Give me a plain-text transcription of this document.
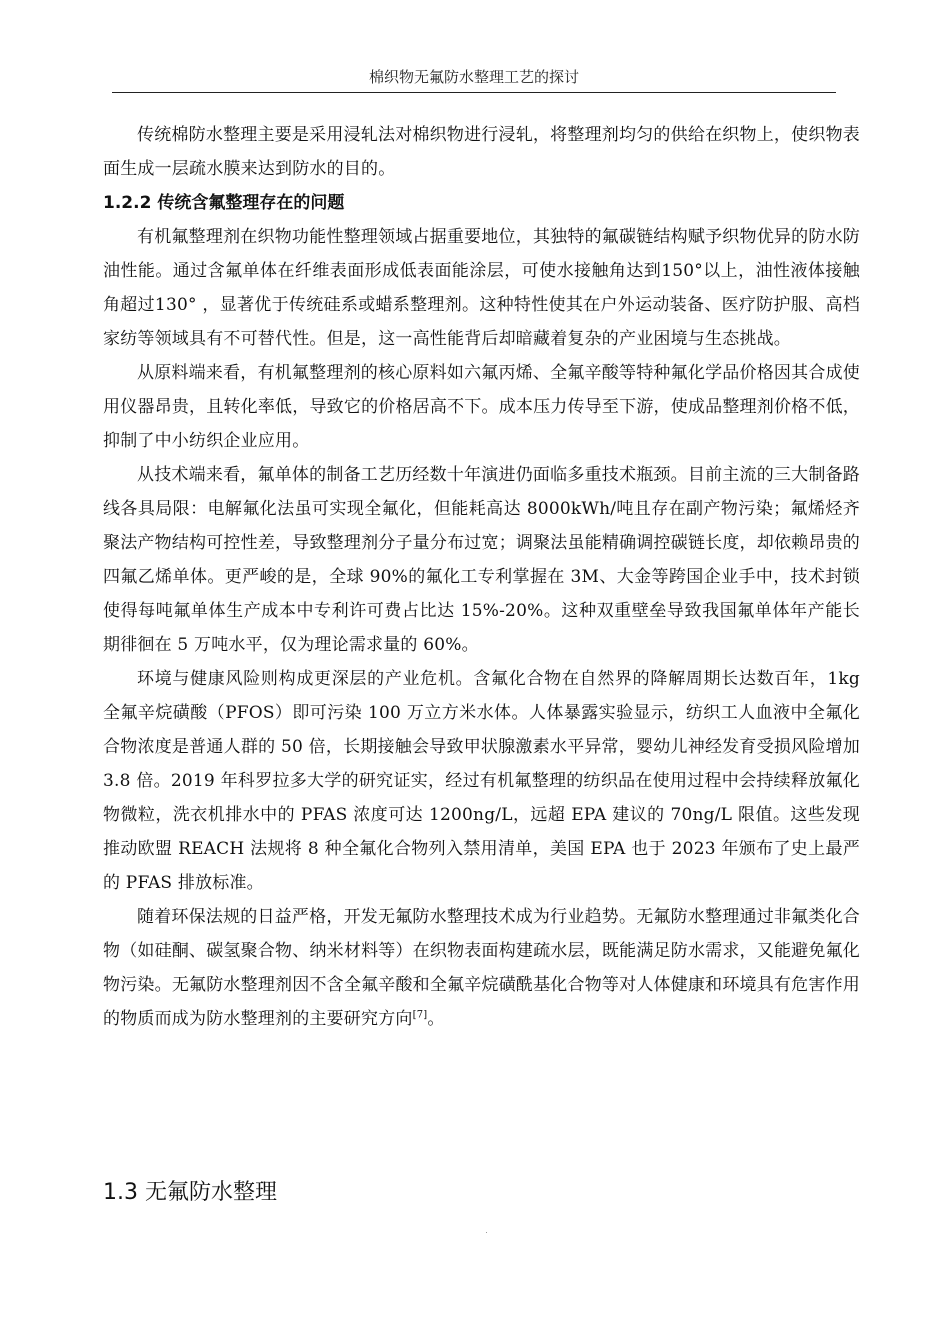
棉织物无氟防水整理工艺的探讨

传统棉防水整理主要是采用浸轧法对棉织物进行浸轧，将整理剂均匀的供给在织物上，使织物表面生成一层疏水膜来达到防水的目的。

1.2.2 传统含氟整理存在的问题

有机氟整理剂在织物功能性整理领域占据重要地位，其独特的氟碳链结构赋予织物优异的防水防油性能。通过含氟单体在纤维表面形成低表面能涂层，可使水接触角达到150°以上，油性液体接触角超过130° ，显著优于传统硅系或蜡系整理剂。这种特性使其在户外运动装备、医疗防护服、高档家纺等领域具有不可替代性。但是，这一高性能背后却暗藏着复杂的产业困境与生态挑战。

从原料端来看，有机氟整理剂的核心原料如六氟丙烯、全氟辛酸等特种氟化学品价格因其合成使用仪器昂贵，且转化率低，导致它的价格居高不下。成本压力传导至下游，使成品整理剂价格不低，抑制了中小纺织企业应用。

从技术端来看，氟单体的制备工艺历经数十年演进仍面临多重技术瓶颈。目前主流的三大制备路线各具局限：电解氟化法虽可实现全氟化，但能耗高达 8000kWh/吨且存在副产物污染；氟烯烃齐聚法产物结构可控性差，导致整理剂分子量分布过宽；调聚法虽能精确调控碳链长度，却依赖昂贵的四氟乙烯单体。更严峻的是，全球 90%的氟化工专利掌握在 3M、大金等跨国企业手中，技术封锁使得每吨氟单体生产成本中专利许可费占比达 15%-20%。这种双重壁垒导致我国氟单体年产能长期徘徊在 5 万吨水平，仅为理论需求量的 60%。

环境与健康风险则构成更深层的产业危机。含氟化合物在自然界的降解周期长达数百年，1kg 全氟辛烷磺酸（PFOS）即可污染 100 万立方米水体。人体暴露实验显示，纺织工人血液中全氟化合物浓度是普通人群的 50 倍，长期接触会导致甲状腺激素水平异常，婴幼儿神经发育受损风险增加 3.8 倍。2019 年科罗拉多大学的研究证实，经过有机氟整理的纺织品在使用过程中会持续释放氟化物微粒，洗衣机排水中的 PFAS 浓度可达 1200ng/L，远超 EPA 建议的 70ng/L 限值。这些发现推动欧盟 REACH 法规将 8 种全氟化合物列入禁用清单，美国 EPA 也于 2023 年颁布了史上最严的 PFAS 排放标准。

随着环保法规的日益严格，开发无氟防水整理技术成为行业趋势。无氟防水整理通过非氟类化合物（如硅酮、碳氢聚合物、纳米材料等）在织物表面构建疏水层，既能满足防水需求，又能避免氟化物污染。无氟防水整理剂因不含全氟辛酸和全氟辛烷磺酰基化合物等对人体健康和环境具有危害作用的物质而成为防水整理剂的主要研究方向[7]。

1.3 无氟防水整理
